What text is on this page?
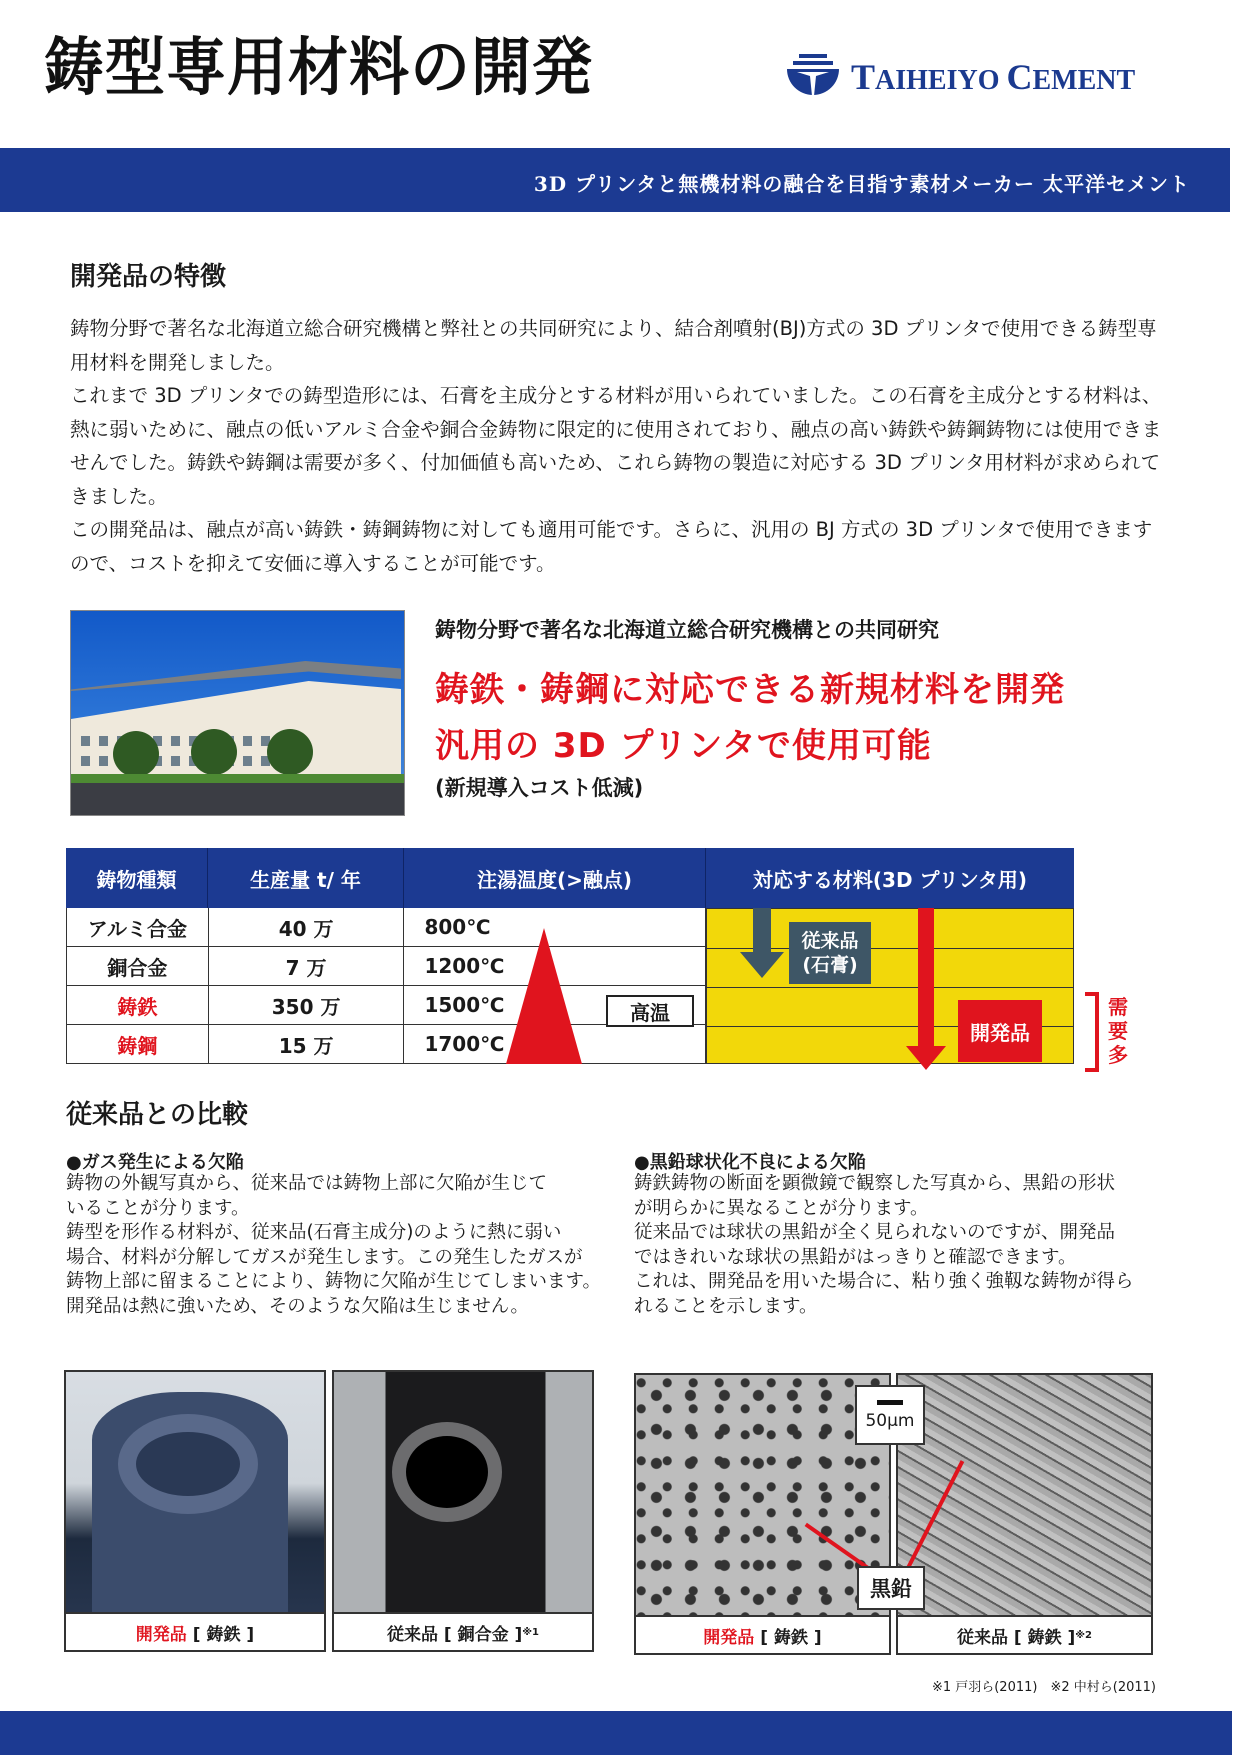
鋳型専用材料の開発	TAIHEIYO CEMENT
3D プリンタと無機材料の融合を目指す素材メーカー 太平洋セメント
開発品の特徴

鋳物分野で著名な北海道立総合研究機構と弊社との共同研究により、結合剤噴射(BJ)方式の 3D プリンタで使用できる鋳型専用材料を開発しました。

これまで 3D プリンタでの鋳型造形には、石膏を主成分とする材料が用いられていました。この石膏を主成分とする材料は、熱に弱いために、融点の低いアルミ合金や銅合金鋳物に限定的に使用されており、融点の高い鋳鉄や鋳鋼鋳物には使用できませんでした。鋳鉄や鋳鋼は需要が多く、付加価値も高いため、これら鋳物の製造に対応する 3D プリンタ用材料が求められてきました。

この開発品は、融点が高い鋳鉄・鋳鋼鋳物に対しても適用可能です。さらに、汎用の BJ 方式の 3D プリンタで使用できますので、コストを抑えて安価に導入することが可能です。

鋳物分野で著名な北海道立総合研究機構との共同研究
鋳鉄・鋳鋼に対応できる新規材料を開発
汎用の 3D プリンタで使用可能
(新規導入コスト低減)
鋳物種類	生産量 t/ 年	注湯温度(>融点)	対応する材料(3D プリンタ用)
アルミ合金	40 万	800℃
銅合金	7 万	1200℃
鋳鉄	350 万	1500℃
鋳鋼	15 万	1700℃
高温
従来品
(石膏)
開発品
需
要
多
従来品との比較
●ガス発生による欠陥
鋳物の外観写真から、従来品では鋳物上部に欠陥が生じて
いることが分ります。
鋳型を形作る材料が、従来品(石膏主成分)のように熱に弱い
場合、材料が分解してガスが発生します。この発生したガスが
鋳物上部に留まることにより、鋳物に欠陥が生じてしまいます。
開発品は熱に強いため、そのような欠陥は生じません。
●黒鉛球状化不良による欠陥
鋳鉄鋳物の断面を顕微鏡で観察した写真から、黒鉛の形状
が明らかに異なることが分ります。
従来品では球状の黒鉛が全く見られないのですが、開発品
ではきれいな球状の黒鉛がはっきりと確認できます。
これは、開発品を用いた場合に、粘り強く強靱な鋳物が得ら
れることを示します。
開発品 [ 鋳鉄 ]	従来品 [ 銅合金 ] ※1	開発品 [ 鋳鉄 ]	従来品 [ 鋳鉄 ] ※2
50μm
黒鉛
※1 戸羽ら(2011)　※2 中村ら(2011)
